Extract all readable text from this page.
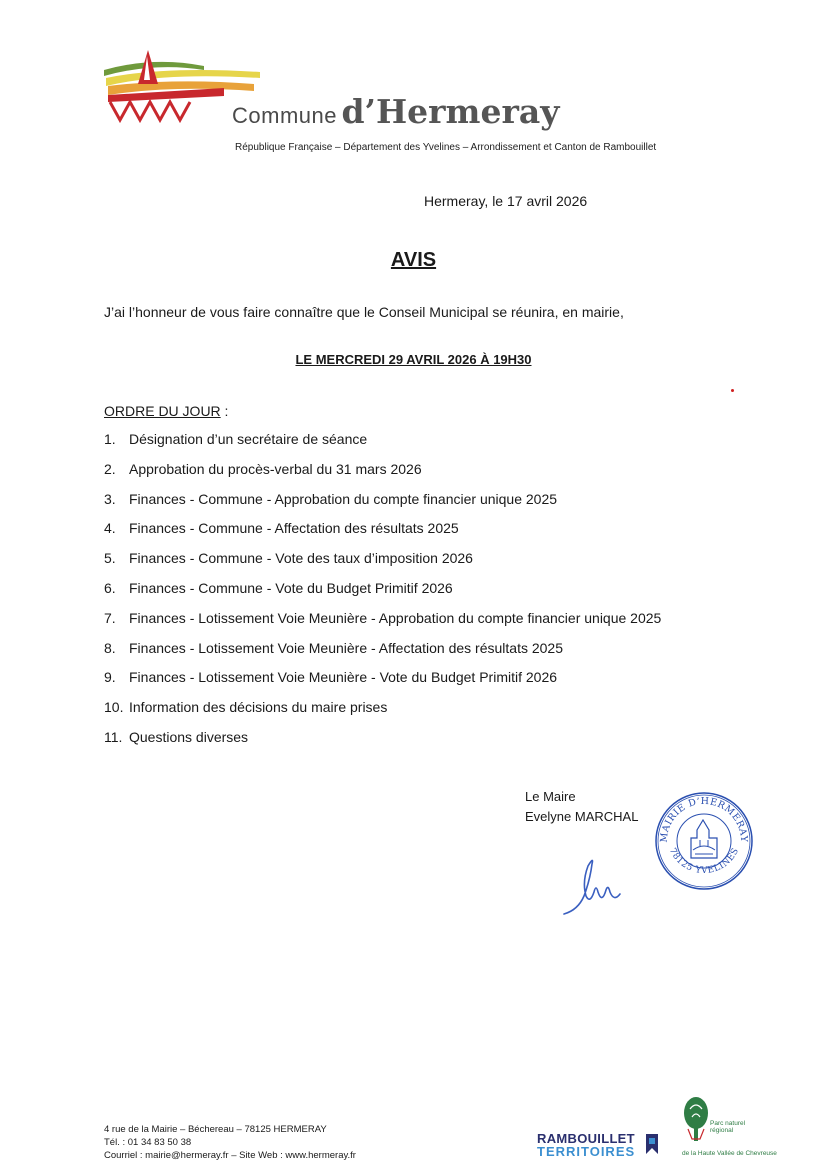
Commune d’Hermeray
République Française – Département des Yvelines – Arrondissement et Canton de Rambouillet
Hermeray, le 17 avril 2026
AVIS
J’ai l’honneur de vous faire connaître que le Conseil Municipal se réunira, en mairie,
LE MERCREDI 29 AVRIL 2026 À 19H30
ORDRE DU JOUR :
1. Désignation d’un secrétaire de séance
2. Approbation du procès-verbal du 31 mars 2026
3. Finances - Commune - Approbation du compte financier unique 2025
4. Finances - Commune - Affectation des résultats 2025
5. Finances - Commune - Vote des taux d’imposition 2026
6. Finances - Commune - Vote du Budget Primitif 2026
7. Finances - Lotissement Voie Meunière - Approbation du compte financier unique 2025
8. Finances - Lotissement Voie Meunière - Affectation des résultats 2025
9. Finances - Lotissement Voie Meunière - Vote du Budget Primitif 2026
10. Information des décisions du maire prises
11. Questions diverses
Le Maire
Evelyne MARCHAL
MAIRIE D’HERMERAY
78125 YVELINES
4 rue de la Mairie – Béchereau – 78125 HERMERAY
Tél. : 01 34 83 50 38
Courriel : mairie@hermeray.fr – Site Web : www.hermeray.fr
RAMBOUILLET
TERRITOIRES
Parc naturel régional
de la Haute Vallée de Chevreuse
